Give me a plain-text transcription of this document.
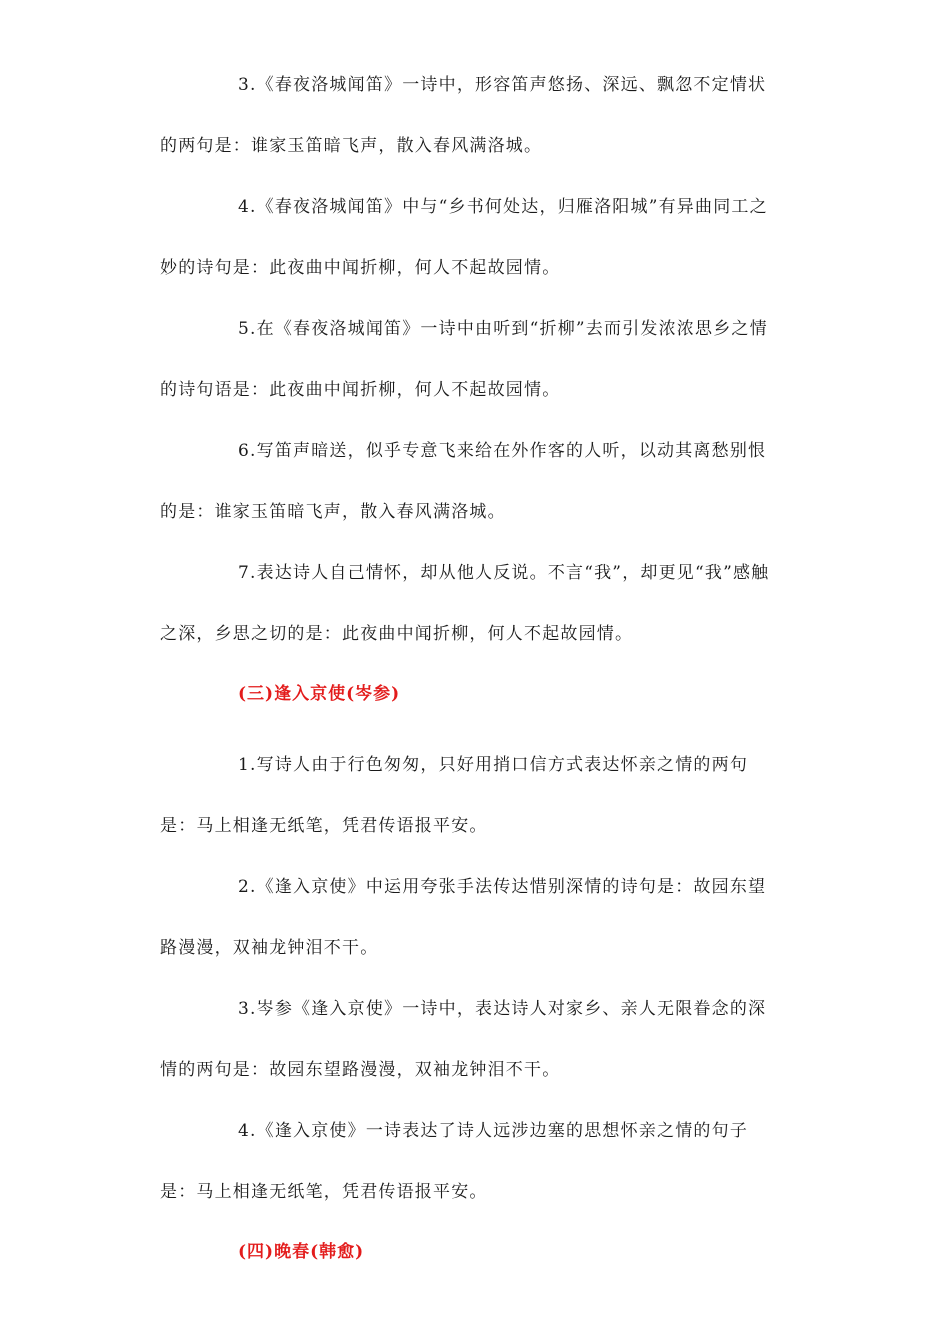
3.《春夜洛城闻笛》一诗中，形容笛声悠扬、深远、飘忽不定情状的两句是：谁家玉笛暗飞声，散入春风满洛城。

4.《春夜洛城闻笛》中与“乡书何处达，归雁洛阳城”有异曲同工之妙的诗句是：此夜曲中闻折柳，何人不起故园情。

5.在《春夜洛城闻笛》一诗中由听到“折柳”去而引发浓浓思乡之情的诗句语是：此夜曲中闻折柳，何人不起故园情。

6.写笛声暗送，似乎专意飞来给在外作客的人听，以动其离愁别恨的是：谁家玉笛暗飞声，散入春风满洛城。

7.表达诗人自己情怀，却从他人反说。不言“我”，却更见“我”感触之深，乡思之切的是：此夜曲中闻折柳，何人不起故园情。

(三)逢入京使(岑参)

1.写诗人由于行色匆匆，只好用捎口信方式表达怀亲之情的两句是：马上相逢无纸笔，凭君传语报平安。

2.《逢入京使》中运用夸张手法传达惜别深情的诗句是：故园东望路漫漫，双袖龙钟泪不干。

3.岑参《逢入京使》一诗中，表达诗人对家乡、亲人无限眷念的深情的两句是：故园东望路漫漫，双袖龙钟泪不干。

4.《逢入京使》一诗表达了诗人远涉边塞的思想怀亲之情的句子是：马上相逢无纸笔，凭君传语报平安。

(四)晚春(韩愈)
